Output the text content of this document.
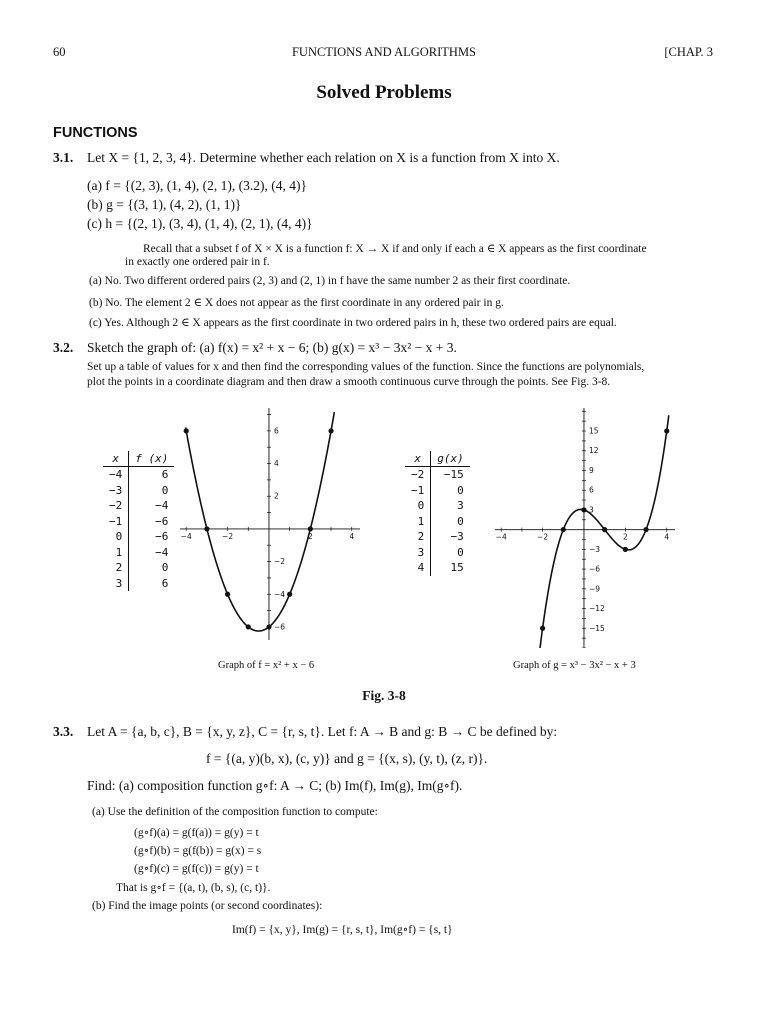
60	FUNCTIONS AND ALGORITHMS	[CHAP. 3
Solved Problems
FUNCTIONS
3.1. Let X = {1, 2, 3, 4}. Determine whether each relation on X is a function from X into X.
(a) f = {(2, 3), (1, 4), (2, 1), (3.2), (4, 4)}
(b) g = {(3, 1), (4, 2), (1, 1)}
(c) h = {(2, 1), (3, 4), (1, 4), (2, 1), (4, 4)}
Recall that a subset f of X × X is a function f: X → X if and only if each a ∈ X appears as the first coordinate
in exactly one ordered pair in f.
(a) No. Two different ordered pairs (2, 3) and (2, 1) in f have the same number 2 as their first coordinate.
(b) No. The element 2 ∈ X does not appear as the first coordinate in any ordered pair in g.
(c) Yes. Although 2 ∈ X appears as the first coordinate in two ordered pairs in h, these two ordered pairs are equal.
3.2. Sketch the graph of: (a) f(x) = x² + x − 6; (b) g(x) = x³ − 3x² − x + 3.
Set up a table of values for x and then find the corresponding values of the function. Since the functions are polynomials,
plot the points in a coordinate diagram and then draw a smooth continuous curve through the points. See Fig. 3-8.
x	f (x)
−4	6
−3	0
−2	−4
−1	−6
0	−6
1	−4
2	0
3	6
x	g(x)
−2	−15
−1	0
0	3
1	0
2	−3
3	0
4	15
−4	−2	2	4
−6
−4
−2
2
4
6
Graph of f = x² + x − 6
−4	−2	2	4
−15
−12
−9
−6
−3
3
6
9
12
15
Graph of g = x³ − 3x² − x + 3
Fig. 3-8
3.3. Let A = {a, b, c}, B = {x, y, z}, C = {r, s, t}. Let f: A → B and g: B → C be defined by:
f = {(a, y)(b, x), (c, y)} and g = {(x, s), (y, t), (z, r)}.
Find: (a) composition function g∘f: A → C; (b) Im(f), Im(g), Im(g∘f).
(a) Use the definition of the composition function to compute:
(g∘f)(a) = g(f(a)) = g(y) = t
(g∘f)(b) = g(f(b)) = g(x) = s
(g∘f)(c) = g(f(c)) = g(y) = t
That is g∘f = {(a, t), (b, s), (c, t)}.
(b) Find the image points (or second coordinates):
Im(f) = {x, y}, Im(g) = {r, s, t}, Im(g∘f) = {s, t}
